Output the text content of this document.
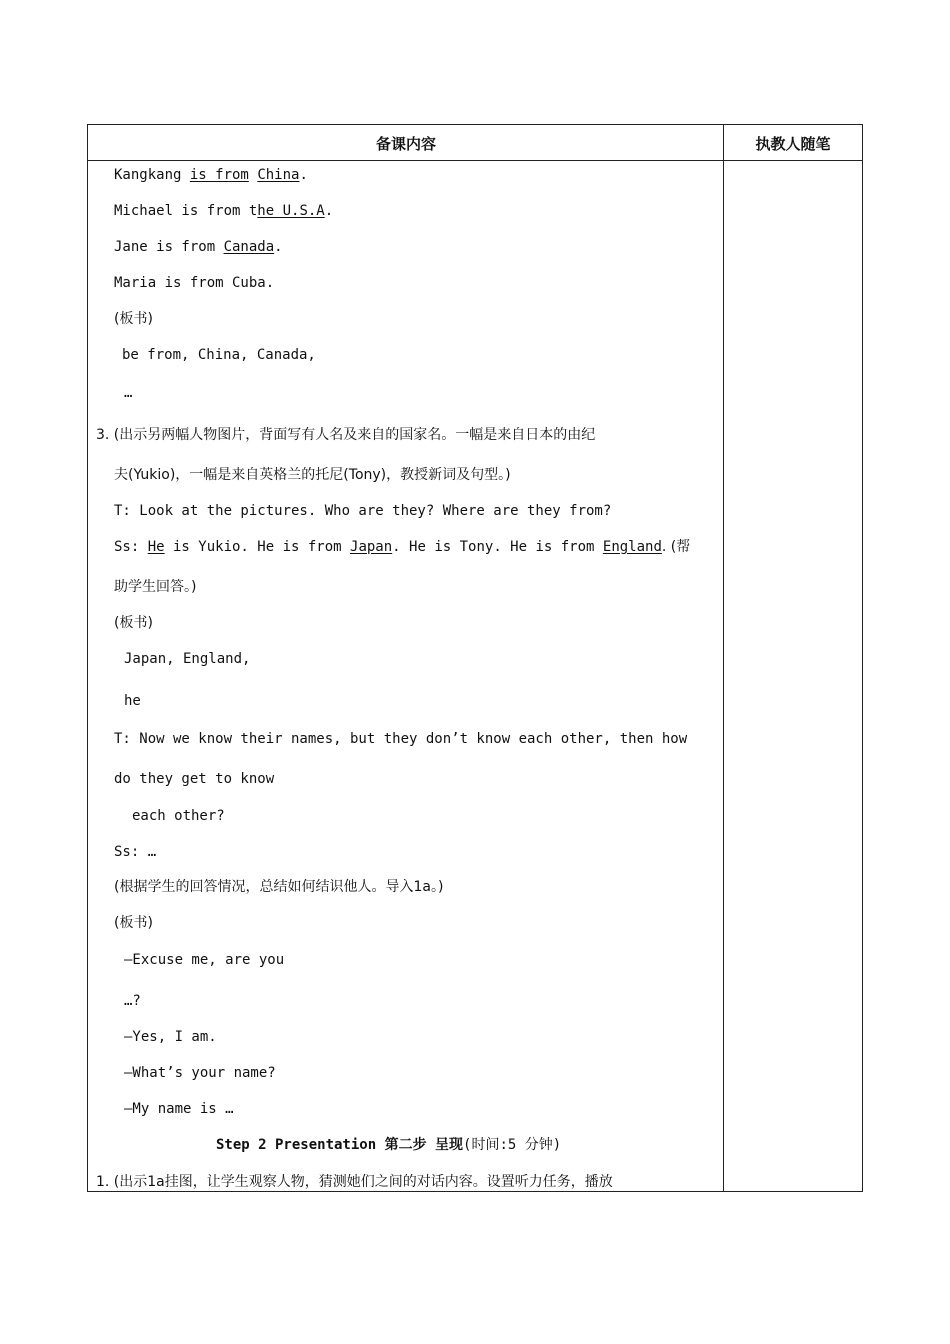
备课内容	执教人随笔
Kangkang is from China.
Michael is from the U.S.A.
Jane is from Canada.
Maria is from Cuba.
(板书)
be from, China, Canada,
…
3. (出示另两幅人物图片，背面写有人名及来自的国家名。一幅是来自日本的由纪
夫(Yukio)，一幅是来自英格兰的托尼(Tony)，教授新词及句型。)
T: Look at the pictures. Who are they? Where are they from?
Ss: He is Yukio. He is from Japan. He is Tony. He is from England. (帮
助学生回答。)
(板书)
Japan, England,
he
T: Now we know their names, but they don’t know each other, then how
do they get to know
each other?
Ss: …
(根据学生的回答情况，总结如何结识他人。导入1a。)
(板书)
—Excuse me, are you
…?
—Yes, I am.
—What’s your name?
—My name is …
Step 2 Presentation 第二步 呈现(时间:5 分钟)
1. (出示1a挂图，让学生观察人物，猜测她们之间的对话内容。设置听力任务，播放
